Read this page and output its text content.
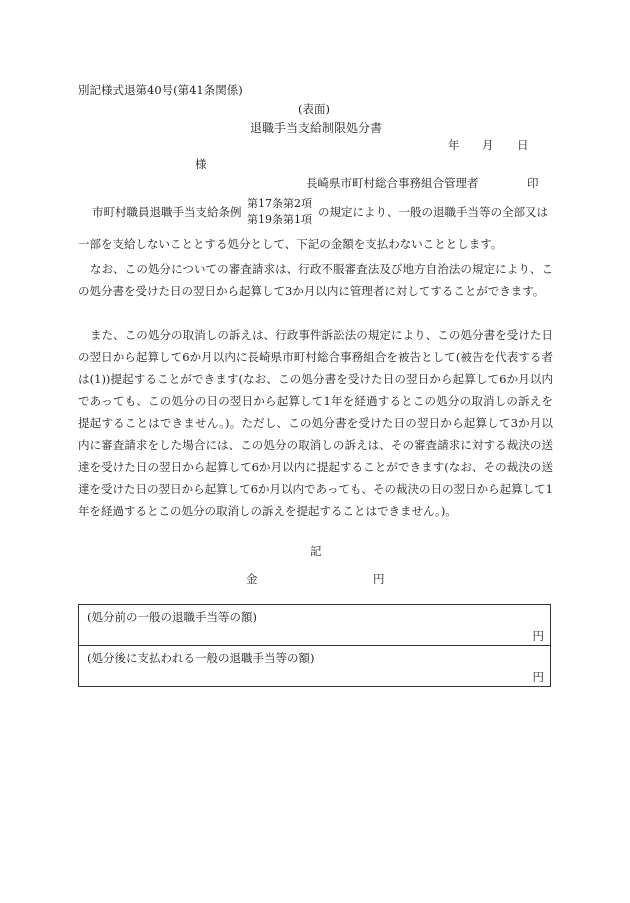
別記様式退第40号(第41条関係)
(表面)
退職手当支給制限処分書
年 月 日
様
長崎県市町村総合事務組合管理者	印
市町村職員退職手当支給条例
第17条第2項
第19条第1項
の規定により、一般の退職手当等の全部又は
一部を支給しないこととする処分として、下記の金額を支払わないこととします。

なお、この処分についての審査請求は、行政不服審査法及び地方自治法の規定により、この処分書を受けた日の翌日から起算して3か月以内に管理者に対してすることができます。

また、この処分の取消しの訴えは、行政事件訴訟法の規定により、この処分書を受けた日の翌日から起算して6か月以内に長崎県市町村総合事務組合を被告として(被告を代表する者は(1))提起することができます(なお、この処分書を受けた日の翌日から起算して6か月以内であっても、この処分の日の翌日から起算して1年を経過するとこの処分の取消しの訴えを提起することはできません。)。ただし、この処分書を受けた日の翌日から起算して3か月以内に審査請求をした場合には、この処分の取消しの訴えは、その審査請求に対する裁決の送達を受けた日の翌日から起算して6か月以内に提起することができます(なお、その裁決の送達を受けた日の翌日から起算して6か月以内であっても、その裁決の日の翌日から起算して1年を経過するとこの処分の取消しの訴えを提起することはできません。)。

記
金	円
(処分前の一般の退職手当等の額)
円
(処分後に支払われる一般の退職手当等の額)
円
